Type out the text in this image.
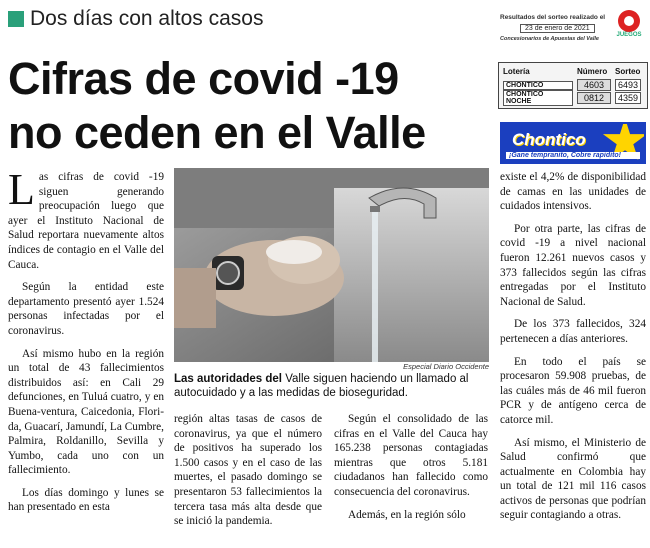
Dos días con altos casos
Cifras de covid -19
no ceden en el Valle
Resultados del sorteo realizado el
23 de enero de 2021
Concesionarios de Apuestas del Valle
JUEGOS
Lotería	Número Sorteo
CHONTICO	4603	6493
CHONTICO NOCHE	0812	4359
Chontico
¡Gane tempranito, Cobre rapidito!
Especial Diario Occidente
Las autoridades del Valle siguen haciendo un llamado al autocuidado y a las medidas de bioseguridad.

Las cifras de covid -19 siguen generando preocupación luego que ayer el Instituto Nacional de Salud reportara nuevamente altos índices de contagio en el Valle del Cauca.

Según la entidad este departamento presentó ayer 1.524 personas infectadas por el coronavirus.

Así mismo hubo en la región un total de 43 fallecimientos distribuidos así: en Cali 29 defunciones, en Tuluá cuatro, y en Buena-ventura, Caicedonia, Flori-da, Guacarí, Jamundí, La Cumbre, Palmira, Roldanillo, Sevilla y Yumbo, cada uno con un fallecimiento.

Los días domingo y lunes se han presentado en esta

región altas tasas de casos de coronavirus, ya que el número de positivos ha superado los 1.500 casos y en el caso de las muertes, el pasado domingo se presentaron 53 fallecimientos la tercera tasa más alta desde que se inició la pandemia.

Según el consolidado de las cifras en el Valle del Cauca hay 165.238 personas contagiadas mientras que otros 5.181 ciudadanos han fallecido como consecuencia del coronavirus.

Además, en la región sólo

existe el 4,2% de disponibilidad de camas en las unidades de cuidados intensivos.

Por otra parte, las cifras de covid -19 a nivel nacional fueron 12.261 nuevos casos y 373 fallecidos según las cifras entregadas por el Instituto Nacional de Salud.

De los 373 fallecidos, 324 pertenecen a días anteriores.

En todo el país se procesaron 59.908 pruebas, de las cuáles más de 46 mil fueron PCR y de antígeno cerca de catorce mil.

Así mismo, el Ministerio de Salud confirmó que actualmente en Colombia hay un total de 121 mil 116 casos activos de personas que podrían seguir contagiando a otras.
